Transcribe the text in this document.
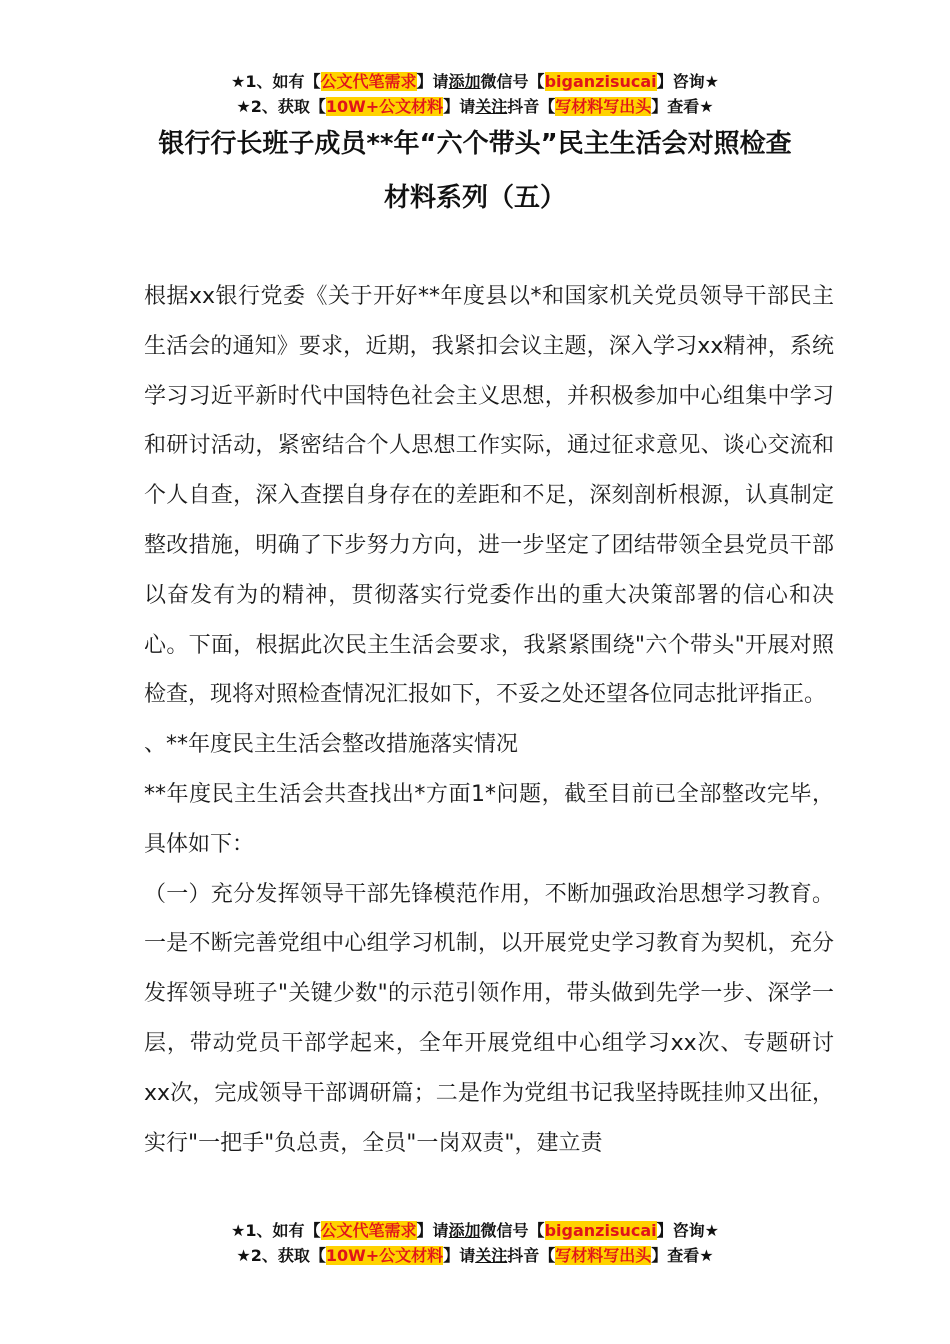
★1、如有【公文代笔需求】请添加微信号【biganzisucai】咨询★
★2、获取【10W+公文材料】请关注抖音【写材料写出头】查看★
银行行长班子成员**年“六个带头”民主生活会对照检查
材料系列（五）

根据xx银行党委《关于开好**年度县以*和国家机关党员领导干部民主生活会的通知》要求，近期，我紧扣会议主题，深入学习xx精神，系统学习习近平新时代中国特色社会主义思想，并积极参加中心组集中学习和研讨活动，紧密结合个人思想工作实际，通过征求意见、谈心交流和个人自查，深入查摆自身存在的差距和不足，深刻剖析根源，认真制定整改措施，明确了下步努力方向，进一步坚定了团结带领全县党员干部以奋发有为的精神，贯彻落实行党委作出的重大决策部署的信心和决心。下面，根据此次民主生活会要求，我紧紧围绕"六个带头"开展对照检查，现将对照检查情况汇报如下，不妥之处还望各位同志批评指正。

、**年度民主生活会整改措施落实情况

**年度民主生活会共查找出*方面1*问题，截至目前已全部整改完毕，具体如下：

（一）充分发挥领导干部先锋模范作用，不断加强政治思想学习教育。一是不断完善党组中心组学习机制，以开展党史学习教育为契机，充分发挥领导班子"关键少数"的示范引领作用，带头做到先学一步、深学一层，带动党员干部学起来，全年开展党组中心组学习xx次、专题研讨xx次，完成领导干部调研篇；二是作为党组书记我坚持既挂帅又出征，实行"一把手"负总责，全员"一岗双责"，建立责

★1、如有【公文代笔需求】请添加微信号【biganzisucai】咨询★
★2、获取【10W+公文材料】请关注抖音【写材料写出头】查看★
